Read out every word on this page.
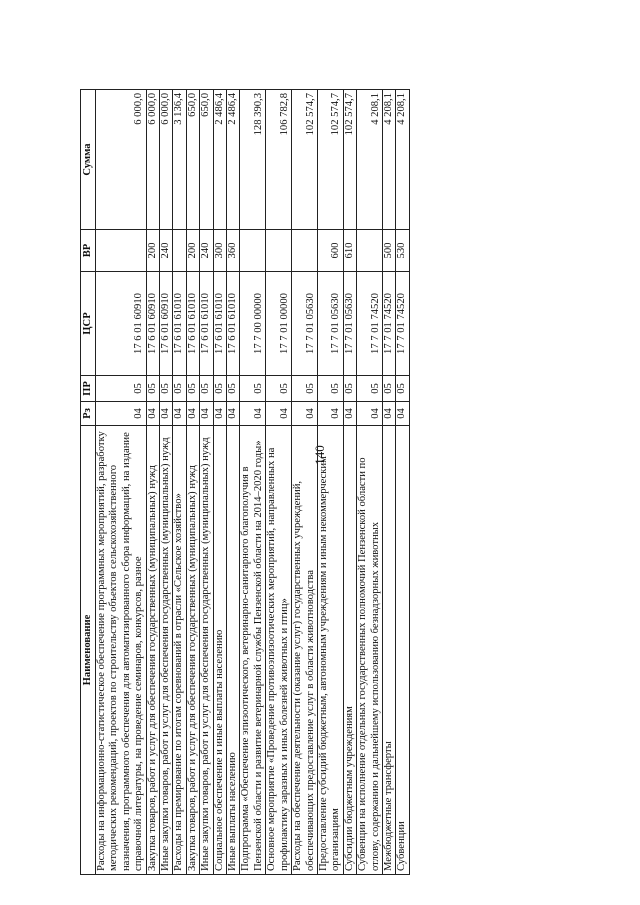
140
Наименование	Рз	ПР	ЦСР	ВР	Сумма
Расходы на информационно-статистическое обеспечение программных мероприятий, разработку методических рекомендаций, проектов по строительству объектов сельскохозяйственного назначения, программного обеспечения для автоматизированного сбора информаций, на издание справочной литературы, на проведение семинаров, конкурсов, разное	04	05	17 6 01 60910		6 000,0
Закупка товаров, работ и услуг для обеспечения государственных (муниципальных) нужд	04	05	17 6 01 60910	200	6 000,0
Иные закупки товаров, работ и услуг для обеспечения государственных (муниципальных) нужд	04	05	17 6 01 60910	240	6 000,0
Расходы на премирование по итогам соревнований в отрасли «Сельское хозяйство»	04	05	17 6 01 61010		3 136,4
Закупка товаров, работ и услуг для обеспечения государственных (муниципальных) нужд	04	05	17 6 01 61010	200	650,0
Иные закупки товаров, работ и услуг для обеспечения государственных (муниципальных) нужд	04	05	17 6 01 61010	240	650,0
Социальное обеспечение и иные выплаты населению	04	05	17 6 01 61010	300	2 486,4
Иные выплаты населению	04	05	17 6 01 61010	360	2 486,4
Подпрограмма «Обеспечение эпизоотического, ветеринарно-санитарного благополучия в Пензенской области и развитие ветеринарной службы Пензенской области на 2014–2020 годы»	04	05	17 7 00 00000		128 390,3
Основное мероприятие «Проведение противоэпизоотических мероприятий, направленных на профилактику заразных и иных болезней животных и птиц»	04	05	17 7 01 00000		106 782,8
Расходы на обеспечение деятельности (оказание услуг) государственных учреждений, обеспечивающих предоставление услуг в области животноводства	04	05	17 7 01 05630		102 574,7
Предоставление субсидий бюджетным, автономным учреждениям и иным некоммерческим организациям	04	05	17 7 01 05630	600	102 574,7
Субсидии бюджетным учреждениям	04	05	17 7 01 05630	610	102 574,7
Субвенции на исполнение отдельных государственных полномочий Пензенской области по отлову, содержанию и дальнейшему использованию безнадзорных животных	04	05	17 7 01 74520		4 208,1
Межбюджетные трансферты	04	05	17 7 01 74520	500	4 208,1
Субвенции	04	05	17 7 01 74520	530	4 208,1
